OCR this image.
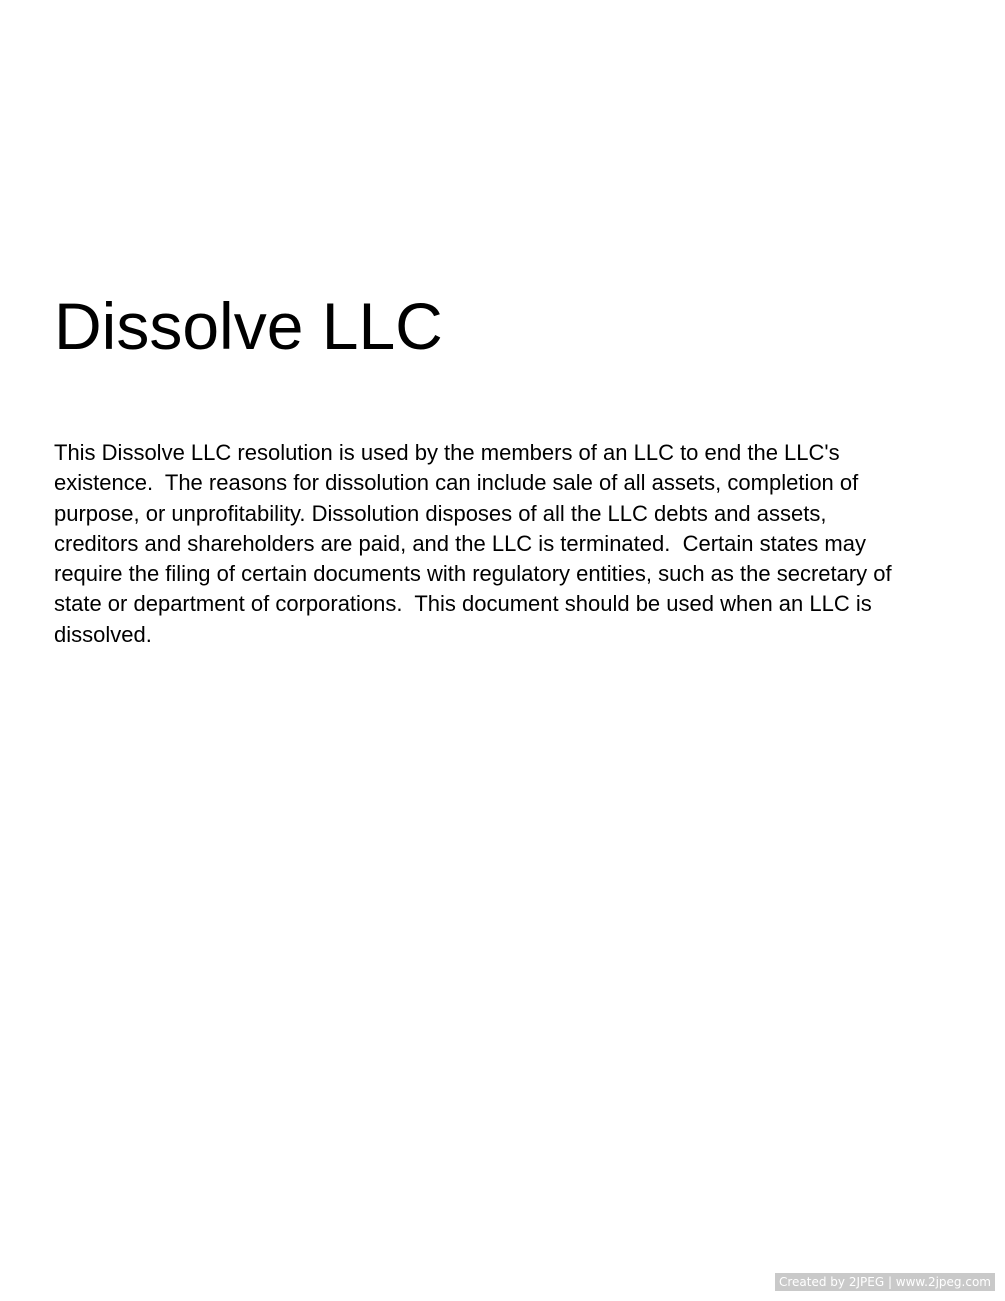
Dissolve LLC

This Dissolve LLC resolution is used by the members of an LLC to end the LLC's
existence.  The reasons for dissolution can include sale of all assets, completion of
purpose, or unprofitability. Dissolution disposes of all the LLC debts and assets,
creditors and shareholders are paid, and the LLC is terminated.  Certain states may
require the filing of certain documents with regulatory entities, such as the secretary of
state or department of corporations.  This document should be used when an LLC is
dissolved.

Created by 2JPEG | www.2jpeg.com
